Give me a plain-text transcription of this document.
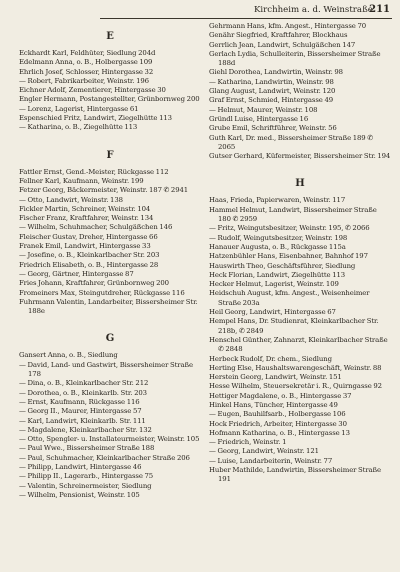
Kirchheim a. d. Weinstraße
211
E
Eckhardt Karl, Feldhüter, Siedlung 204d
Edelmann Anna, o. B., Holbergasse 109
Ehrlich Josef, Schlosser, Hintergasse 32
— Robert, Fabrikarbeiter, Weinstr. 196
Eichner Adolf, Zementierer, Hintergasse 30
Engler Hermann, Postangestellter, Grünbornweg 200
— Lorenz, Lagerist, Hintergasse 61
Espenschied Fritz, Landwirt, Ziegelhütte 113
— Katharina, o. B., Ziegelhütte 113
F
Fattler Ernst, Gend.-Meister, Rückgasse 112
Fellner Karl, Kaufmann, Weinstr. 199
Fetzer Georg, Bäckermeister, Weinstr. 187 ✆ 2941
— Otto, Landwirt, Weinstr. 138
Fickler Martin, Schreiner, Weinstr. 104
Fischer Franz, Kraftfahrer, Weinstr. 134
— Wilhelm, Schuhmacher, Schulgäßchen 146
Fleischer Gustav, Dreher, Hintergasse 66
Franek Emil, Landwirt, Hintergasse 33
— Josefine, o. B., Kleinkarlbacher Str. 203
Friedrich Elisabeth, o. B., Hintergasse 28
— Georg, Gärtner, Hintergasse 87
Fries Johann, Kraftfahrer, Grünbornweg 200
Fromeiners Max, Steingutdreher, Rückgasse 116
Fuhrmann Valentin, Landarbeiter, Bissersheimer Str. 188e
G
Gansert Anna, o. B., Siedlung
— David, Land- und Gastwirt, Bissersheimer Straße 178
— Dina, o. B., Kleinkarlbacher Str. 212
— Dorothea, o. B., Kleinkarlb. Str. 203
— Ernst, Kaufmann, Rückgasse 116
— Georg II., Maurer, Hintergasse 57
— Karl, Landwirt, Kleinkarlb. Str. 111
— Magdalene, Kleinkarlbacher Str. 132
— Otto, Spengler- u. Installateurmeister, Weinstr. 105
— Paul Wwe., Bissersheimer Straße 188
— Paul, Schuhmacher, Kleinkarlbacher Straße 206
— Philipp, Landwirt, Hintergasse 46
— Philipp II., Lagerarb., Hintergasse 75
— Valentin, Schreinermeister, Siedlung
— Wilhelm, Pensionist, Weinstr. 105
Gehrmann Hans, kfm. Angest., Hintergasse 70
Genähr Siegfried, Kraftfahrer, Blockhaus
Gerrlich Jean, Landwirt, Schulgäßchen 147
Gerlach Lydia, Schulleiterin, Bissersheimer Straße 188d
Giehl Dorothea, Landwirtin, Weinstr. 98
— Katharina, Landwirtin, Weinstr. 98
Glang August, Landwirt, Weinstr. 120
Graf Ernst, Schmied, Hintergasse 49
— Helmut, Maurer, Weinstr. 108
Gründl Luise, Hintergasse 16
Grube Emil, Schriftführer, Weinstr. 56
Guth Karl, Dr. med., Bissersheimer Straße 189 ✆ 2065
Gutser Gerhard, Küfermeister, Bissersheimer Str. 194
H
Haas, Frieda, Papierwaren, Weinstr. 117
Hammel Helmut, Landwirt, Bissersheimer Straße 180 ✆ 2959
— Fritz, Weingutsbesitzer, Weinstr. 195, ✆ 2066
— Rudolf, Weingutsbesitzer, Weinstr. 198
Hanauer Augusta, o. B., Rückgasse 115a
Hatzenbühler Hans, Eisenbahner, Bahnhof 197
Hauswirth Theo, Geschäftsführer, Siedlung
Heck Florian, Landwirt, Ziegelhütte 113
Hecker Helmut, Lagerist, Weinstr. 109
Heidschuh August, kfm. Angest., Weisenheimer Straße 203a
Heil Georg, Landwirt, Hintergasse 67
Hempel Hans, Dr. Studienrat, Kleinkarlbacher Str. 218b, ✆ 2849
Henschel Günther, Zahnarzt, Kleinkarlbacher Straße ✆ 2848
Herbeck Rudolf, Dr. chem., Siedlung
Herting Else, Haushaltswarengeschäft, Weinstr. 88
Herstein Georg, Landwirt, Weinstr. 151
Hesse Wilhelm, Steuersekretär i. R., Quirngasse 92
Hettiger Magdalene, o. B., Hintergasse 37
Hinkel Hans, Tüncher, Hintergasse 49
— Eugen, Bauhilfsarb., Holbergasse 106
Hock Friedrich, Arbeiter, Hintergasse 30
Hofmann Katharina, o. B., Hintergasse 13
— Friedrich, Weinstr. 1
— Georg, Landwirt, Weinstr. 121
— Luise, Landarbeiterin, Weinstr. 77
Huber Mathilde, Landwirtin, Bissersheimer Straße 191
